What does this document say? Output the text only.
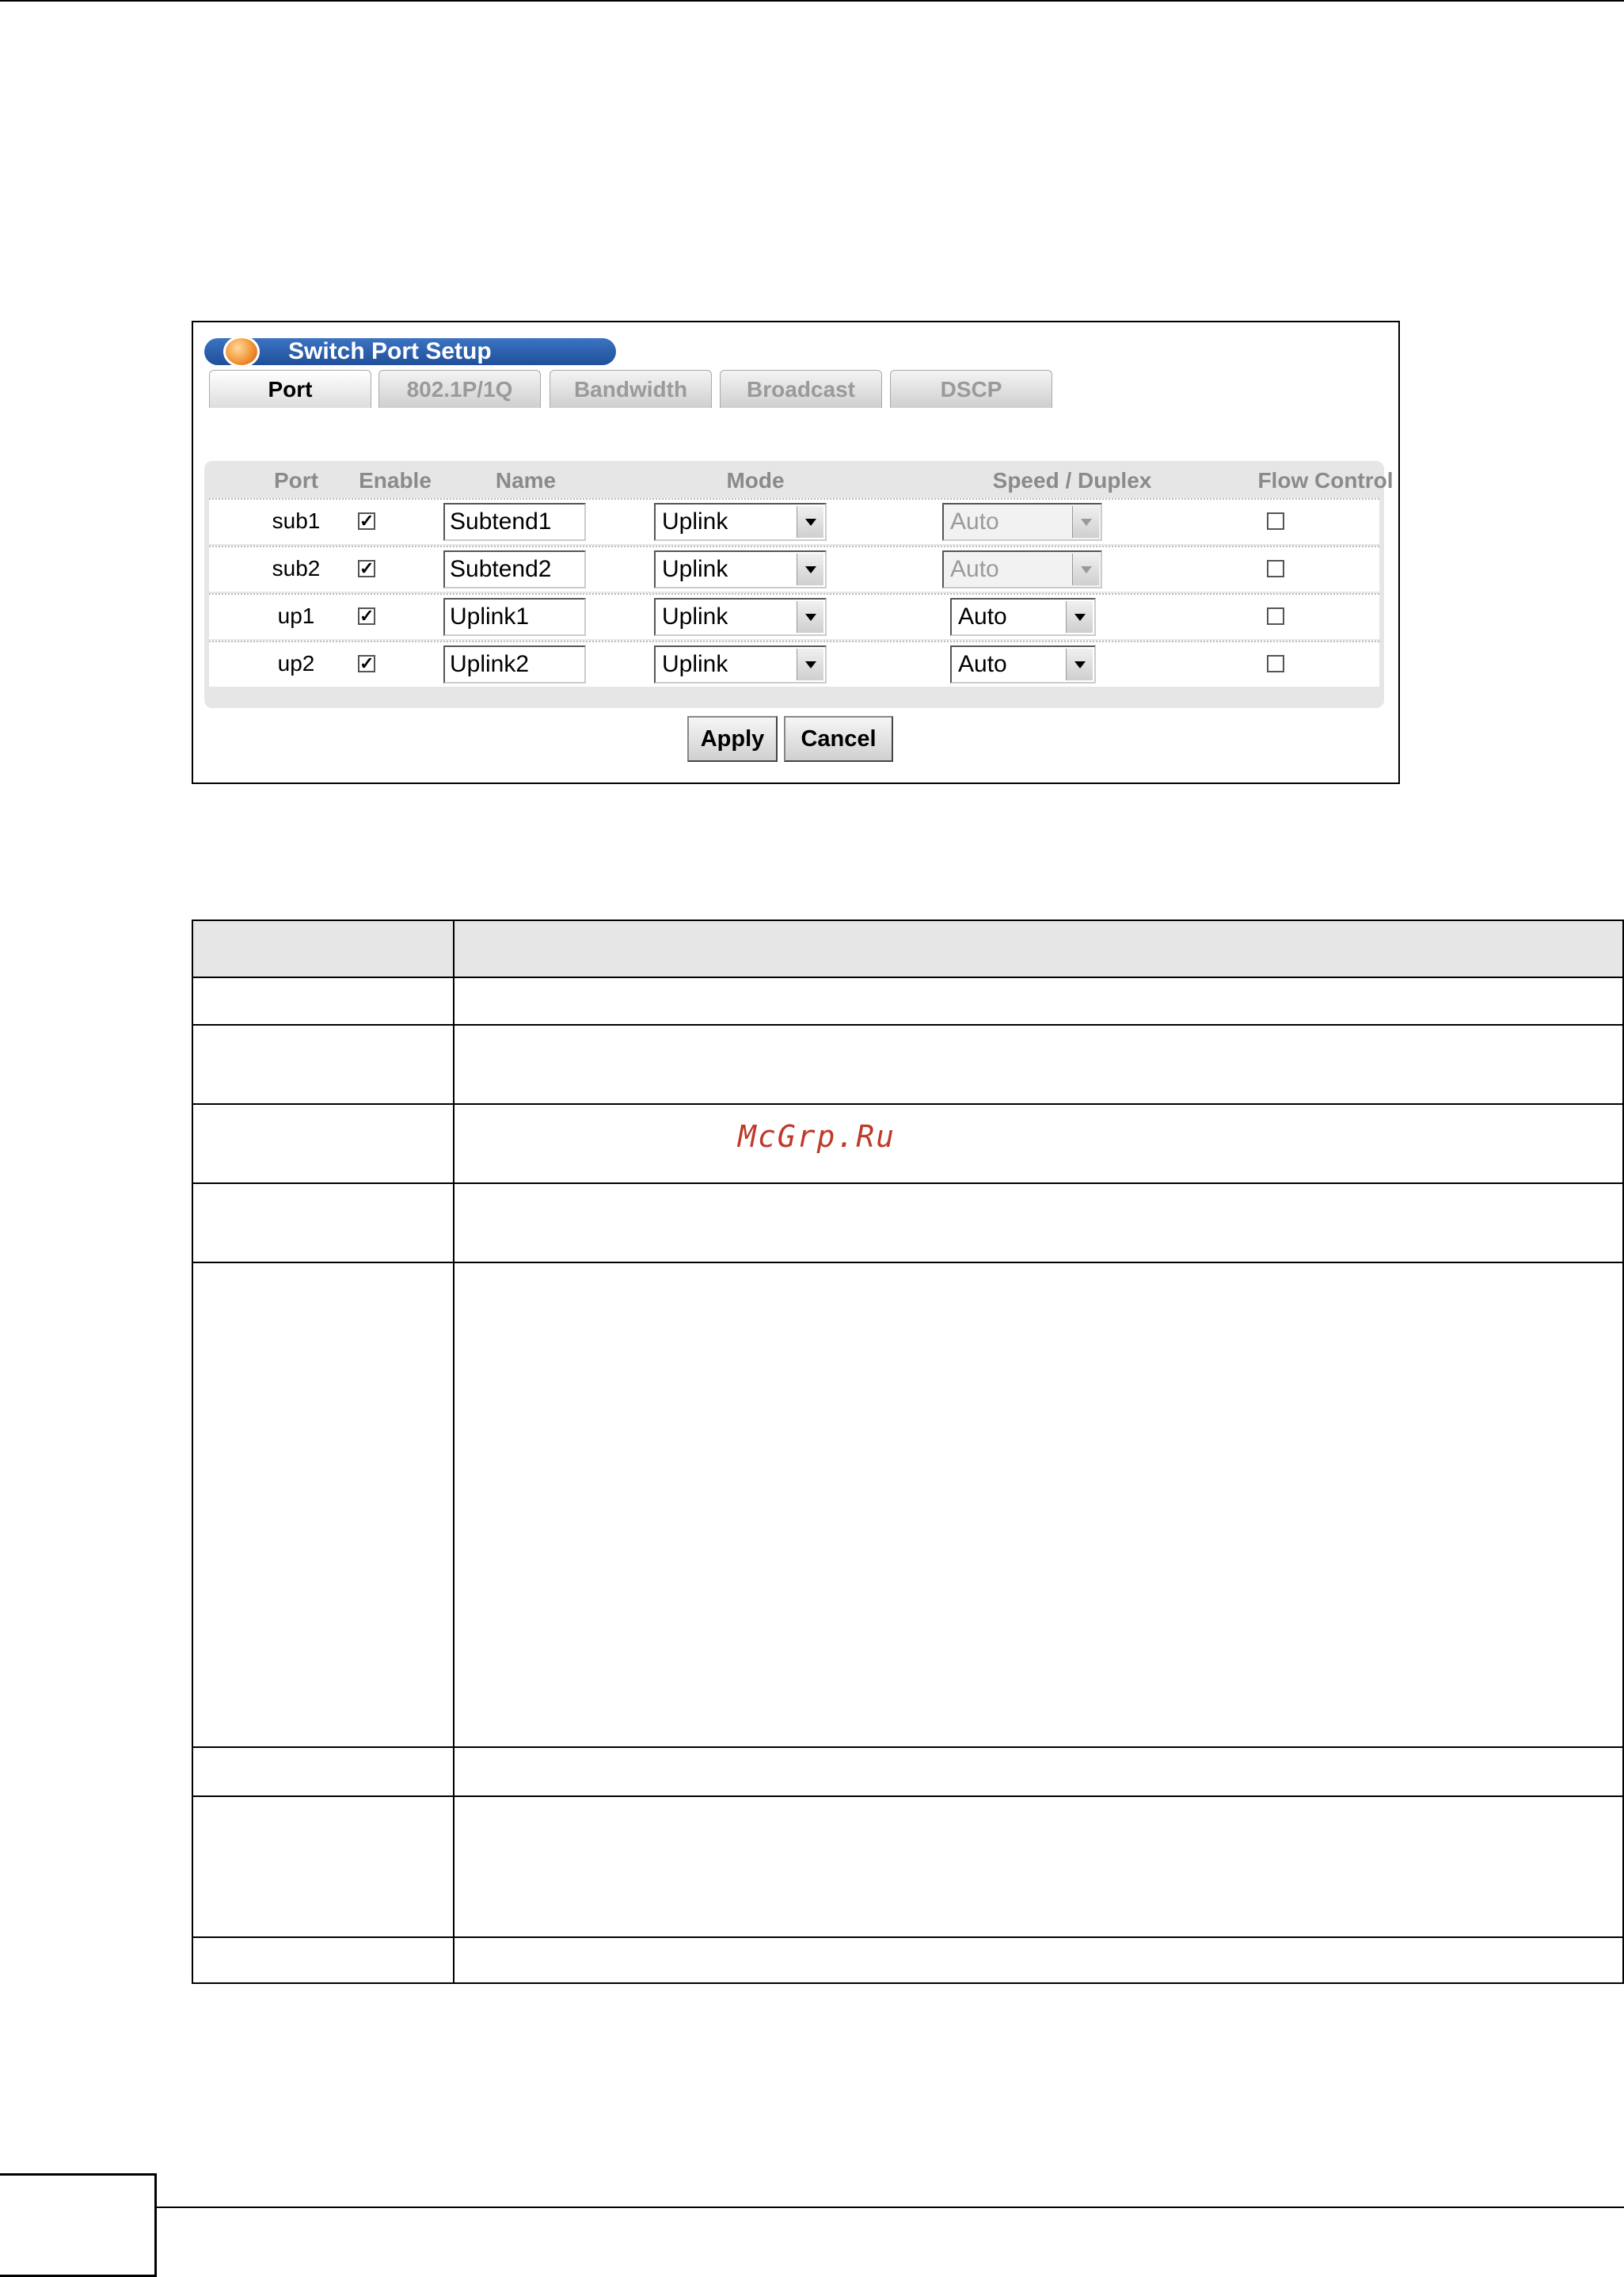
Switch Port Setup
Port	802.1P/1Q	Bandwidth	Broadcast	DSCP
Port	Enable	Name	Mode	Speed / Duplex	Flow Control
sub1	✓	Subtend1	Uplink	Auto
sub2	✓	Subtend2	Uplink	Auto
up1	✓	Uplink1	Uplink	Auto
up2	✓	Uplink2	Uplink	Auto
Apply	Cancel
McGrp.Ru
